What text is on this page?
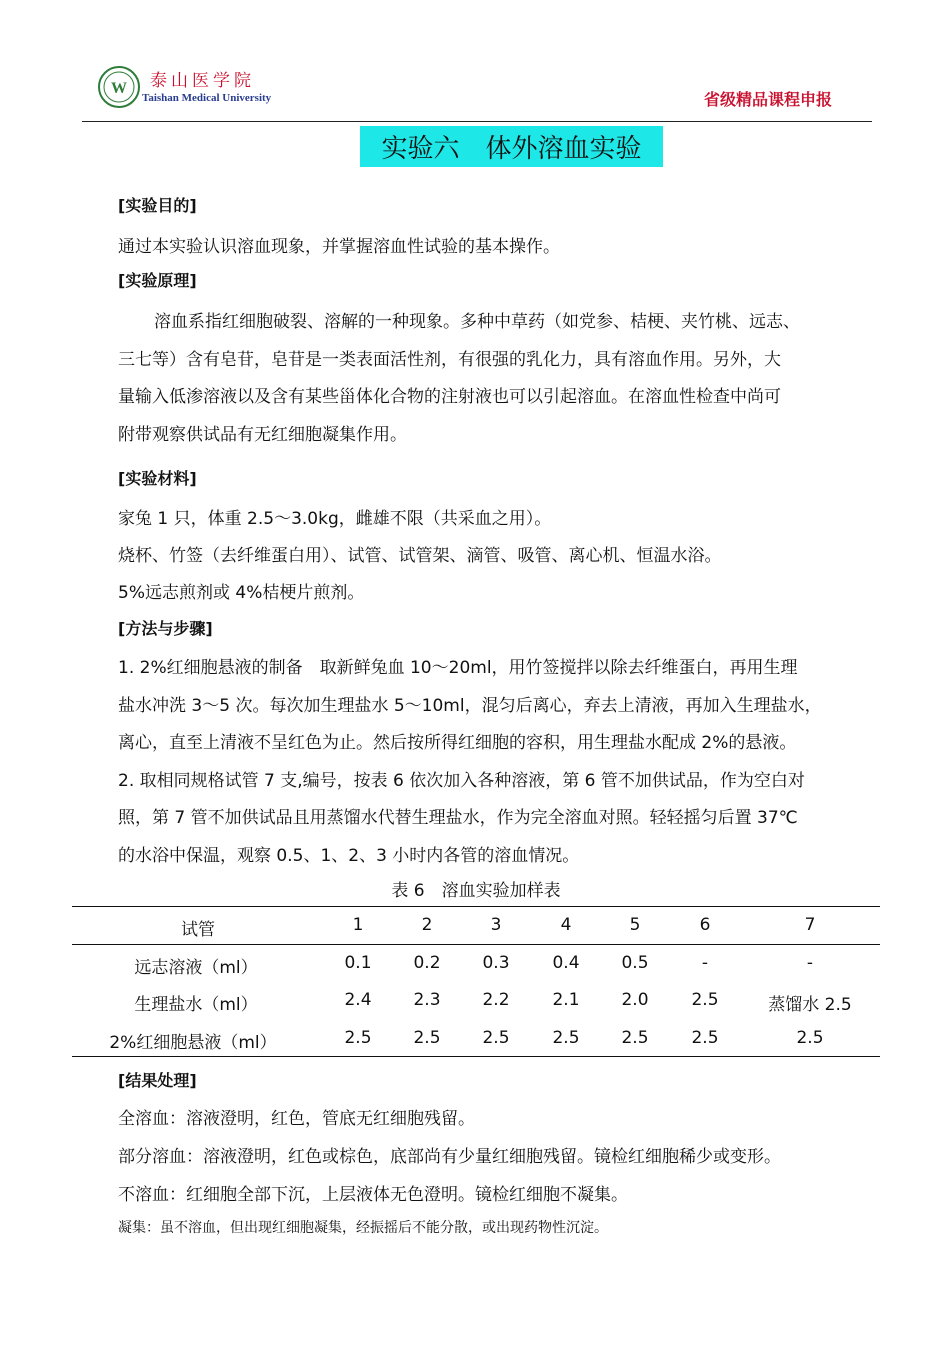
W 泰山医学院
Taishan Medical University	省级精品课程申报
实验六　体外溶血实验
[实验目的]
通过本实验认识溶血现象，并掌握溶血性试验的基本操作。
[实验原理]
溶血系指红细胞破裂、溶解的一种现象。多种中草药（如党参、桔梗、夹竹桃、远志、
三七等）含有皂苷，皂苷是一类表面活性剂，有很强的乳化力，具有溶血作用。另外，大
量输入低渗溶液以及含有某些甾体化合物的注射液也可以引起溶血。在溶血性检查中尚可
附带观察供试品有无红细胞凝集作用。
[实验材料]
家兔 1 只，体重 2.5～3.0kg，雌雄不限（共采血之用）。
烧杯、竹签（去纤维蛋白用）、试管、试管架、滴管、吸管、离心机、恒温水浴。
5%远志煎剂或 4%桔梗片煎剂。
[方法与步骤]
1. 2%红细胞悬液的制备　取新鲜兔血 10～20ml，用竹签搅拌以除去纤维蛋白，再用生理
盐水冲洗 3～5 次。每次加生理盐水 5～10ml，混匀后离心，弃去上清液，再加入生理盐水，
离心，直至上清液不呈红色为止。然后按所得红细胞的容积，用生理盐水配成 2%的悬液。
2. 取相同规格试管 7 支,编号，按表 6 依次加入各种溶液，第 6 管不加供试品，作为空白对
照，第 7 管不加供试品且用蒸馏水代替生理盐水，作为完全溶血对照。轻轻摇匀后置 37℃
的水浴中保温，观察 0.5、1、2、3 小时内各管的溶血情况。
表 6　溶血实验加样表
试管	1	2	3	4	5	6	7
远志溶液（ml）	0.1 0.2 0.3	0.4 0.5	-	-
生理盐水（ml）	2.4 2.3 2.2	2.1 2.0	2.5	蒸馏水 2.5
2%红细胞悬液（ml）	2.5 2.5 2.5	2.5 2.5	2.5	2.5
[结果处理]
全溶血：溶液澄明，红色，管底无红细胞残留。
部分溶血：溶液澄明，红色或棕色，底部尚有少量红细胞残留。镜检红细胞稀少或变形。
不溶血：红细胞全部下沉，上层液体无色澄明。镜检红细胞不凝集。
凝集：虽不溶血，但出现红细胞凝集，经振摇后不能分散，或出现药物性沉淀。
